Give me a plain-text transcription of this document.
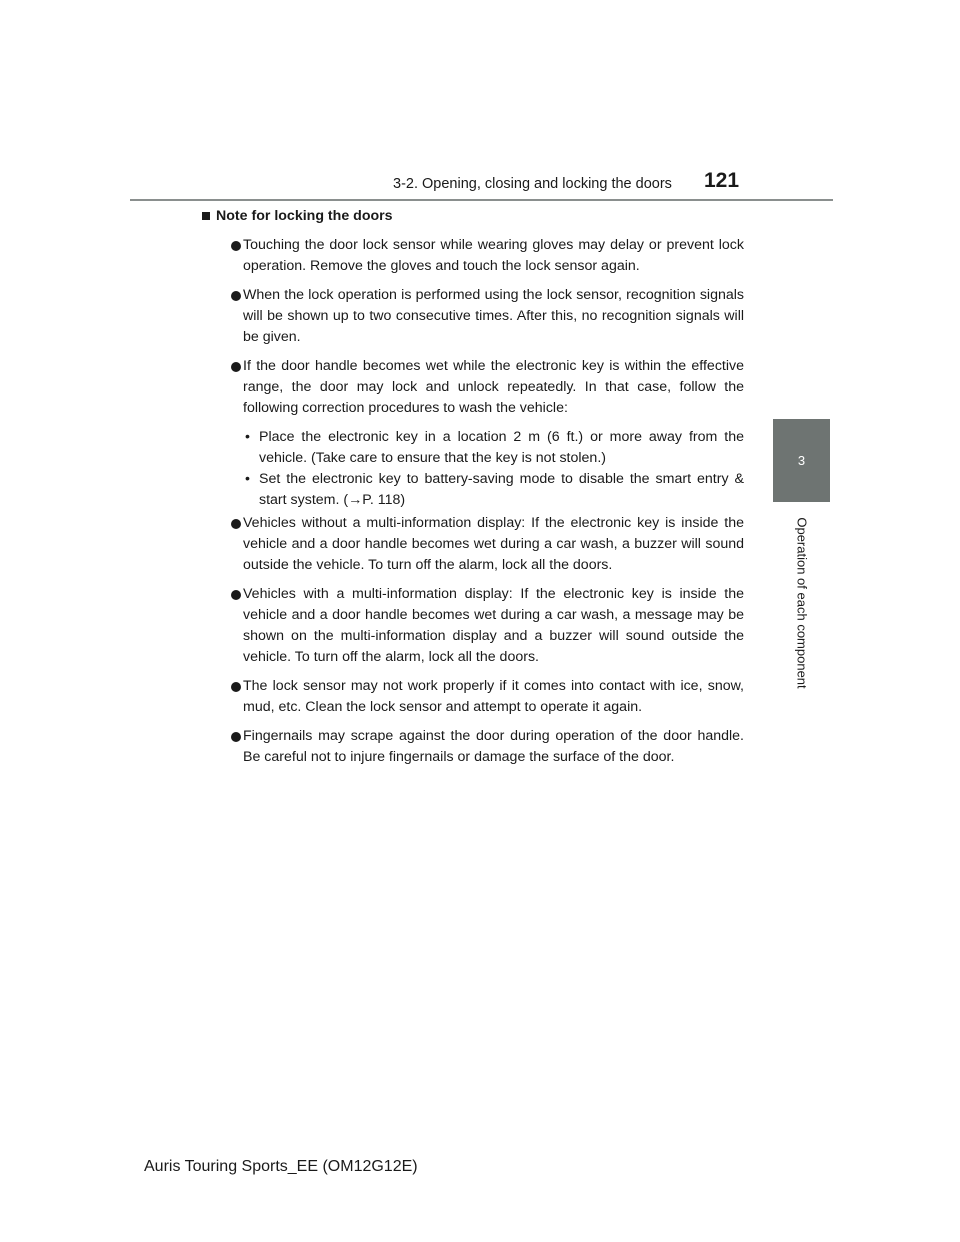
3-2. Opening, closing and locking the doors 121
3
Operation of each component
Note for locking the doors
Touching the door lock sensor while wearing gloves may delay or prevent lock operation. Remove the gloves and touch the lock sensor again.
When the lock operation is performed using the lock sensor, recognition signals will be shown up to two consecutive times. After this, no recognition signals will be given.
If the door handle becomes wet while the electronic key is within the effective range, the door may lock and unlock repeatedly. In that case, follow the following correction procedures to wash the vehicle:

• Place the electronic key in a location 2 m (6 ft.) or more away from the vehicle. (Take care to ensure that the key is not stolen.)

• Set the electronic key to battery-saving mode to disable the smart entry & start system. (→P. 118)

Vehicles without a multi-information display: If the electronic key is inside the vehicle and a door handle becomes wet during a car wash, a buzzer will sound outside the vehicle. To turn off the alarm, lock all the doors.
Vehicles with a multi-information display: If the electronic key is inside the vehicle and a door handle becomes wet during a car wash, a message may be shown on the multi-information display and a buzzer will sound outside the vehicle. To turn off the alarm, lock all the doors.
The lock sensor may not work properly if it comes into contact with ice, snow, mud, etc. Clean the lock sensor and attempt to operate it again.
Fingernails may scrape against the door during operation of the door handle. Be careful not to injure fingernails or damage the surface of the door.
Auris Touring Sports_EE (OM12G12E)
